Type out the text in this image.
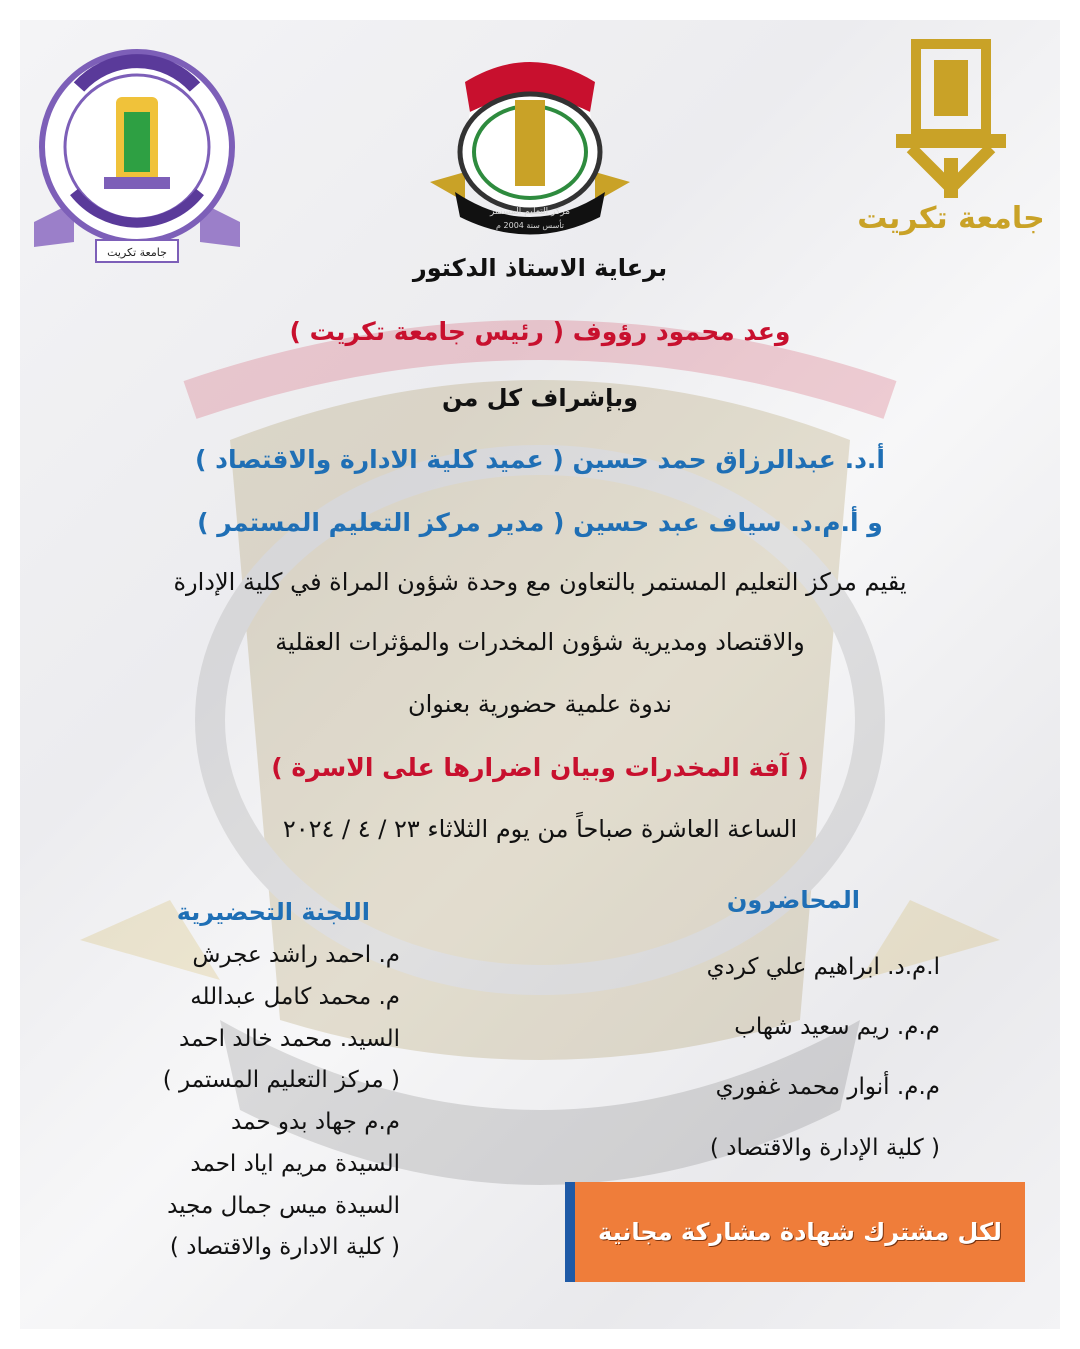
جامعة تكريت
مركز التعليم المستمر
تأسس سنة 2004 م	جامعة تكريت
برعاية الاستاذ الدكتور
وعد محمود رؤوف ( رئيس جامعة تكريت )
وبإشراف كل من
أ.د. عبدالرزاق حمد حسين ( عميد كلية الادارة والاقتصاد )
و أ.م.د. سياف عبد حسين ( مدير مركز التعليم المستمر )
يقيم مركز التعليم المستمر بالتعاون مع وحدة شؤون المراة في كلية الإدارة
والاقتصاد ومديرية شؤون المخدرات والمؤثرات العقلية
ندوة علمية حضورية بعنوان
( آفة المخدرات وبيان اضرارها على الاسرة )
الساعة العاشرة صباحاً من يوم الثلاثاء ٢٣ / ٤ / ٢٠٢٤
المحاضرون
ا.م.د. ابراهيم علي كردي
م.م. ريم سعيد شهاب
م.م. أنوار محمد غفوري
( كلية الإدارة والاقتصاد )
اللجنة التحضيرية
م. احمد راشد عجرش
م. محمد كامل عبدالله
السيد. محمد خالد احمد
( مركز التعليم المستمر )
م.م جهاد بدو حمد
السيدة مريم اياد احمد
السيدة ميس جمال مجيد
( كلية الادارة والاقتصاد )
لكل مشترك شهادة مشاركة مجانية
